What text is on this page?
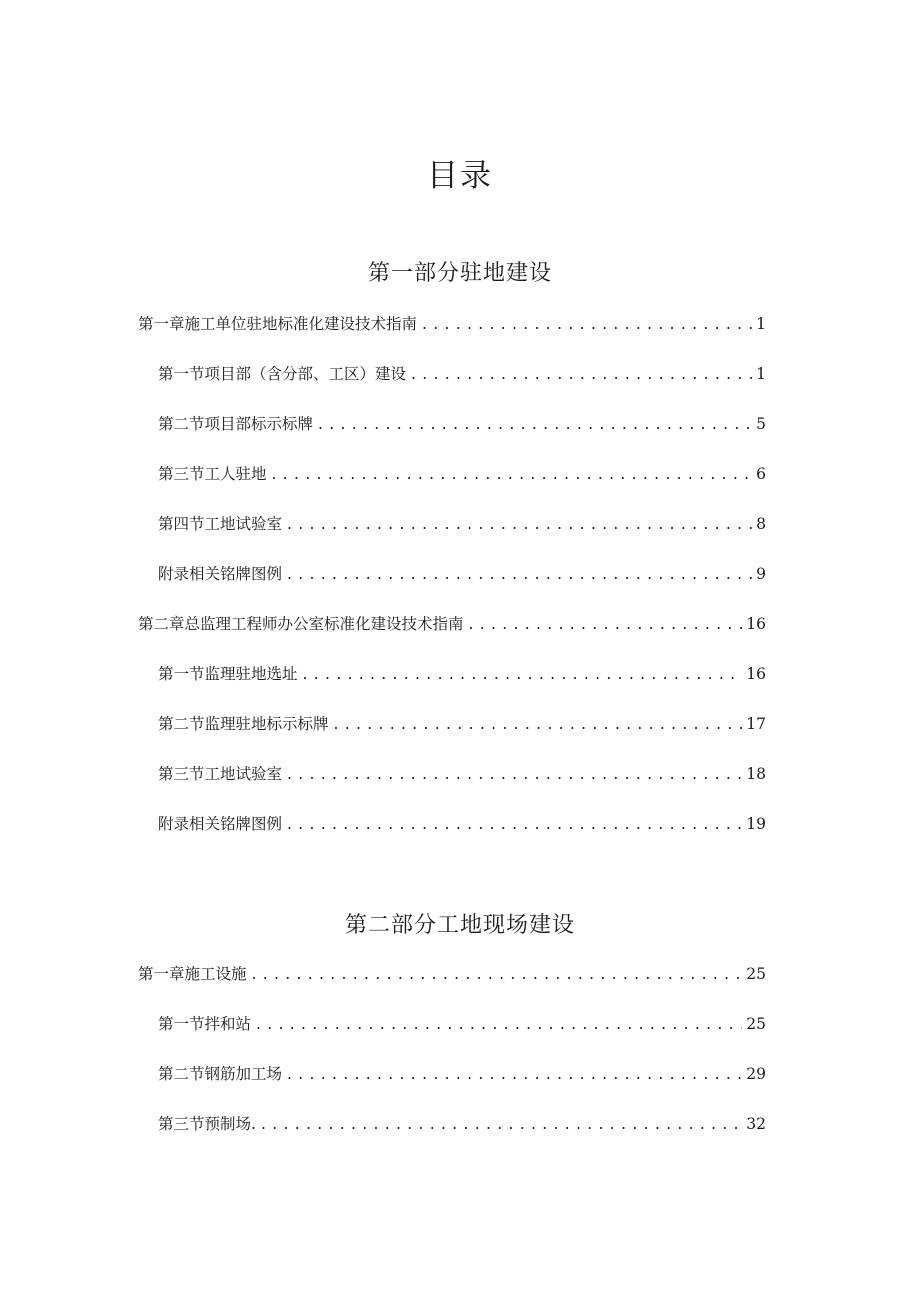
目录
第一部分驻地建设
第二部分工地现场建设
第一章施工单位驻地标准化建设技术指南 . . .	1
第一节项目部（含分部、工区）建设 . . .	1
第二节项目部标示标牌 . . .	5
第三节工人驻地 . . .	6
第四节工地试验室 . . .	8
附录相关铭牌图例 . . .	9
第二章总监理工程师办公室标准化建设技术指南 . . .	16
第一节监理驻地选址 . . .	16
第二节监理驻地标示标牌 . . .	17
第三节工地试验室 . . .	18
附录相关铭牌图例 . . .	19
第一章施工设施 . . .	25
第一节拌和站 . . .	25
第二节钢筋加工场 . . .	29
第三节预制场. . . .	32
